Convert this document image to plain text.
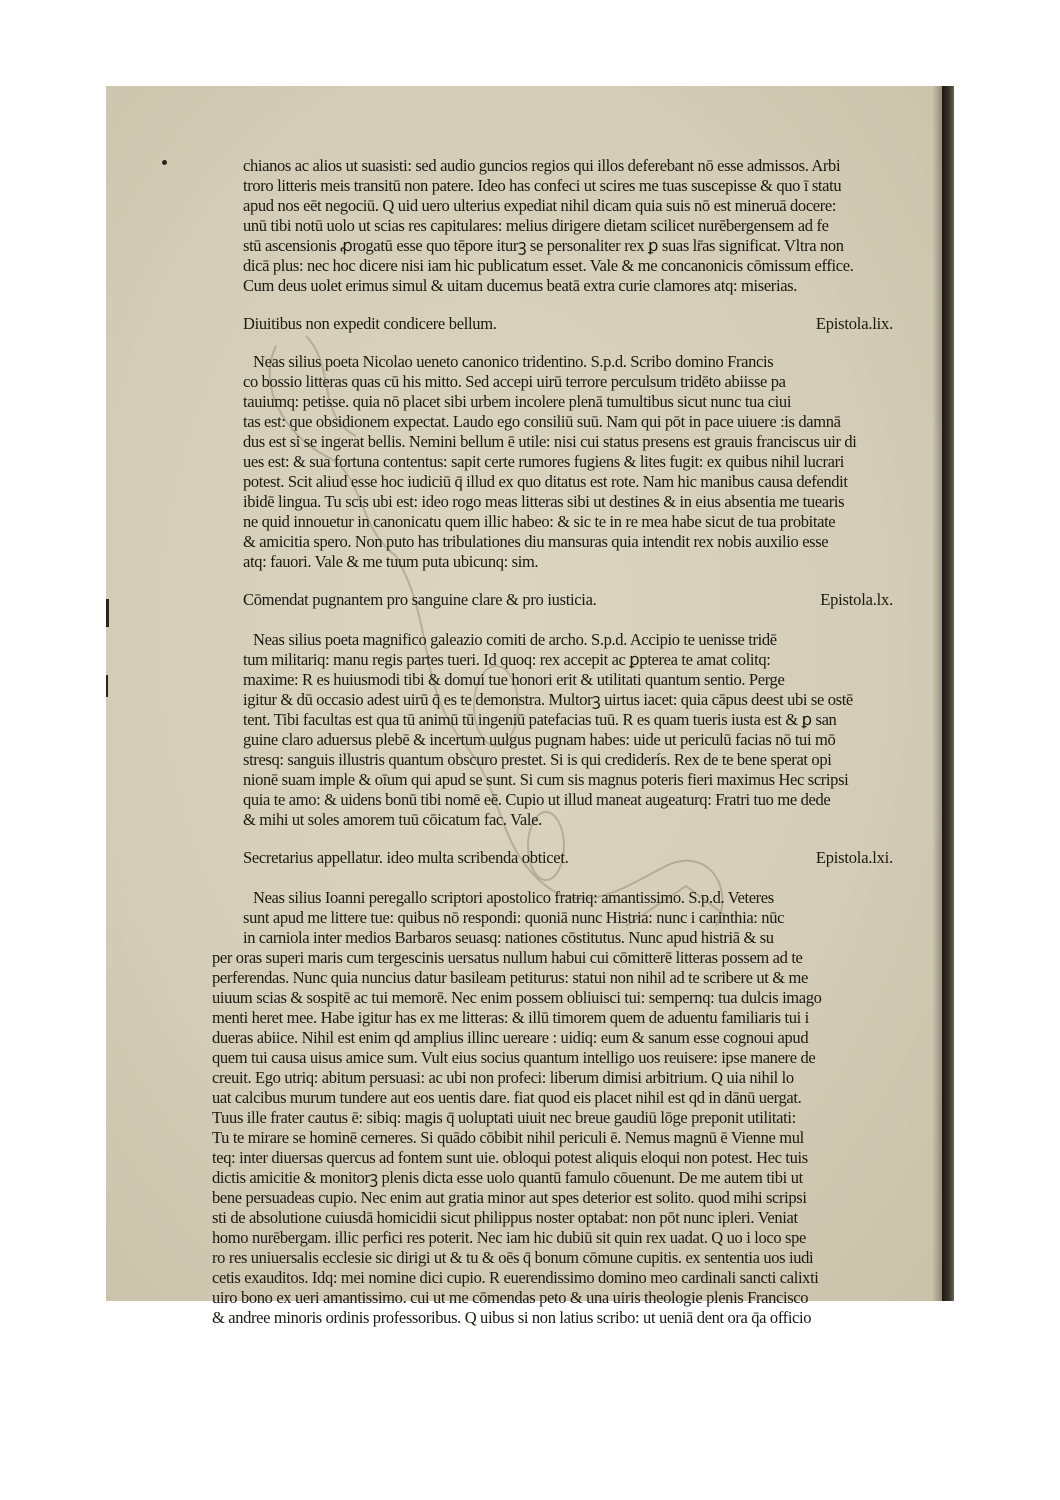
chianos ac alios ut suasisti: sed audio guncios regios qui illos deferebant nō esse admissos. Arbi
troro litteris meis transitū non patere. Ideo has confeci ut scires me tuas suscepisse & quo ī statu
apud nos eēt negociū. Q uid uero ulterius expediat nihil dicam quia suis nō est mineruā docere:
unū tibi notū uolo ut scias res capitulares: melius dirigere dietam scilicet nurēbergensem ad fe
stū ascensionis ꝓrogatū esse quo tēpore iturꝫ se personaliter rex ꝑ suas lr̄as significat. Vltra non
dicā plus: nec hoc dicere nisi iam hic publicatum esset. Vale & me concanonicis cōmissum effice.
Cum deus uolet erimus simul & uitam ducemus beatā extra curie clamores atq: miserias.
Diuitibus non expedit condicere bellum.	Epistola.lix.
Neas silius poeta Nicolao ueneto canonico tridentino. S.p.d. Scribo domino Francis
co bossio litteras quas cū his mitto. Sed accepi uirū terrore perculsum tridēto abiisse pa
tauiumq: petisse. quia nō placet sibi urbem incolere plenā tumultibus sicut nunc tua ciui
tas est: que obsidionem expectat. Laudo ego consiliū suū. Nam qui pōt in pace uiuere :is damnā
dus est si se ingerat bellis. Nemini bellum ē utile: nisi cui status presens est grauis franciscus uir di
ues est: & sua fortuna contentus: sapit certe rumores fugiens & lites fugit: ex quibus nihil lucrari
potest. Scit aliud esse hoc iudiciū q̄ illud ex quo ditatus est rote. Nam hic manibus causa defendit
ibidē lingua. Tu scis ubi est: ideo rogo meas litteras sibi ut destines & in eius absentia me tuearis
ne quid innouetur in canonicatu quem illic habeo: & sic te in re mea habe sicut de tua probitate
& amicitia spero. Non puto has tribulationes diu mansuras quia intendit rex nobis auxilio esse
atq: fauori. Vale & me tuum puta ubicunq: sim.
Cōmendat pugnantem pro sanguine clare & pro iusticia.	Epistola.lx.
Neas silius poeta magnifico galeazio comiti de archo. S.p.d. Accipio te uenisse tridē
tum militariq: manu regis partes tueri. Id quoq: rex accepit ac ꝑpterea te amat colitq:
maxime: R es huiusmodi tibi & domui tue honori erit & utilitati quantum sentio. Perge
igitur & dū occasio adest uirū q̄ es te demonstra. Multorꝫ uirtus iacet: quia cāpus deest ubi se ostē
tent. Tibi facultas est qua tū animū tū ingeniū patefacias tuū. R es quam tueris iusta est & ꝑ san
guine claro aduersus plebē & incertum uulgus pugnam habes: uide ut periculū facias nō tui mō
stresq: sanguis illustris quantum obscuro prestet. Si is qui crediderís. Rex de te bene sperat opi
nionē suam imple & oīum qui apud se sunt. Si cum sis magnus poteris fieri maximus Hec scripsi
quia te amo: & uidens bonū tibi nomē eē. Cupio ut illud maneat augeaturq: Fratri tuo me dede
& mihi ut soles amorem tuū cōicatum fac. Vale.
Secretarius appellatur. ideo multa scribenda obticet.	Epistola.lxi.
Neas silius Ioanni peregallo scriptori apostolico fratriq: amantissimo. S.p.d. Veteres
sunt apud me littere tue: quibus nō respondi: quoniā nunc Histria: nunc i carinthia: nūc
in carniola inter medios Barbaros seuasq: nationes cōstitutus. Nunc apud histriā & su
per oras superi maris cum tergescinis uersatus nullum habui cui cōmitterē litteras possem ad te
perferendas. Nunc quia nuncius datur basileam petiturus: statui non nihil ad te scribere ut & me
uiuum scias & sospitē ac tui memorē. Nec enim possem obliuisci tui: sempernq: tua dulcis imago
menti heret mee. Habe igitur has ex me litteras: & illū timorem quem de aduentu familiaris tui i
dueras abiice. Nihil est enim qd amplius illinc uereare : uidiq: eum & sanum esse cognoui apud
quem tui causa uisus amice sum. Vult eius socius quantum intelligo uos reuisere: ipse manere de
creuit. Ego utriq: abitum persuasi: ac ubi non profeci: liberum dimisi arbitrium. Q uia nihil lo
uat calcibus murum tundere aut eos uentis dare. fiat quod eis placet nihil est qd in dānū uergat.
Tuus ille frater cautus ē: sibiq: magis q̄ uoluptati uiuit nec breue gaudiū lōge preponit utilitati:
Tu te mirare se hominē cerneres. Si quādo cōbibit nihil periculi ē. Nemus magnū ē Vienne mul
teq: inter diuersas quercus ad fontem sunt uie. obloqui potest aliquis eloqui non potest. Hec tuis
dictis amicitie & monitorꝫ plenis dicta esse uolo quantū famulo cōuenunt. De me autem tibi ut
bene persuadeas cupio. Nec enim aut gratia minor aut spes deterior est solito. quod mihi scripsi
sti de absolutione cuiusdā homicidii sicut philippus noster optabat: non pōt nunc ipleri. Veniat
homo nurēbergam. illic perfici res poterit. Nec iam hic dubiū sit quin rex uadat. Q uo i loco spe
ro res uniuersalis ecclesie sic dirigi ut & tu & oēs q̄ bonum cōmune cupitis. ex sententia uos iudi
cetis exauditos. Idq: mei nomine dici cupio. R euerendissimo domino meo cardinali sancti calixti
uiro bono ex ueri amantissimo. cui ut me cōmendas peto & una uiris theologie plenis Francisco
& andree minoris ordinis professoribus. Q uibus si non latius scribo: ut ueniā dent ora q̄a officio
